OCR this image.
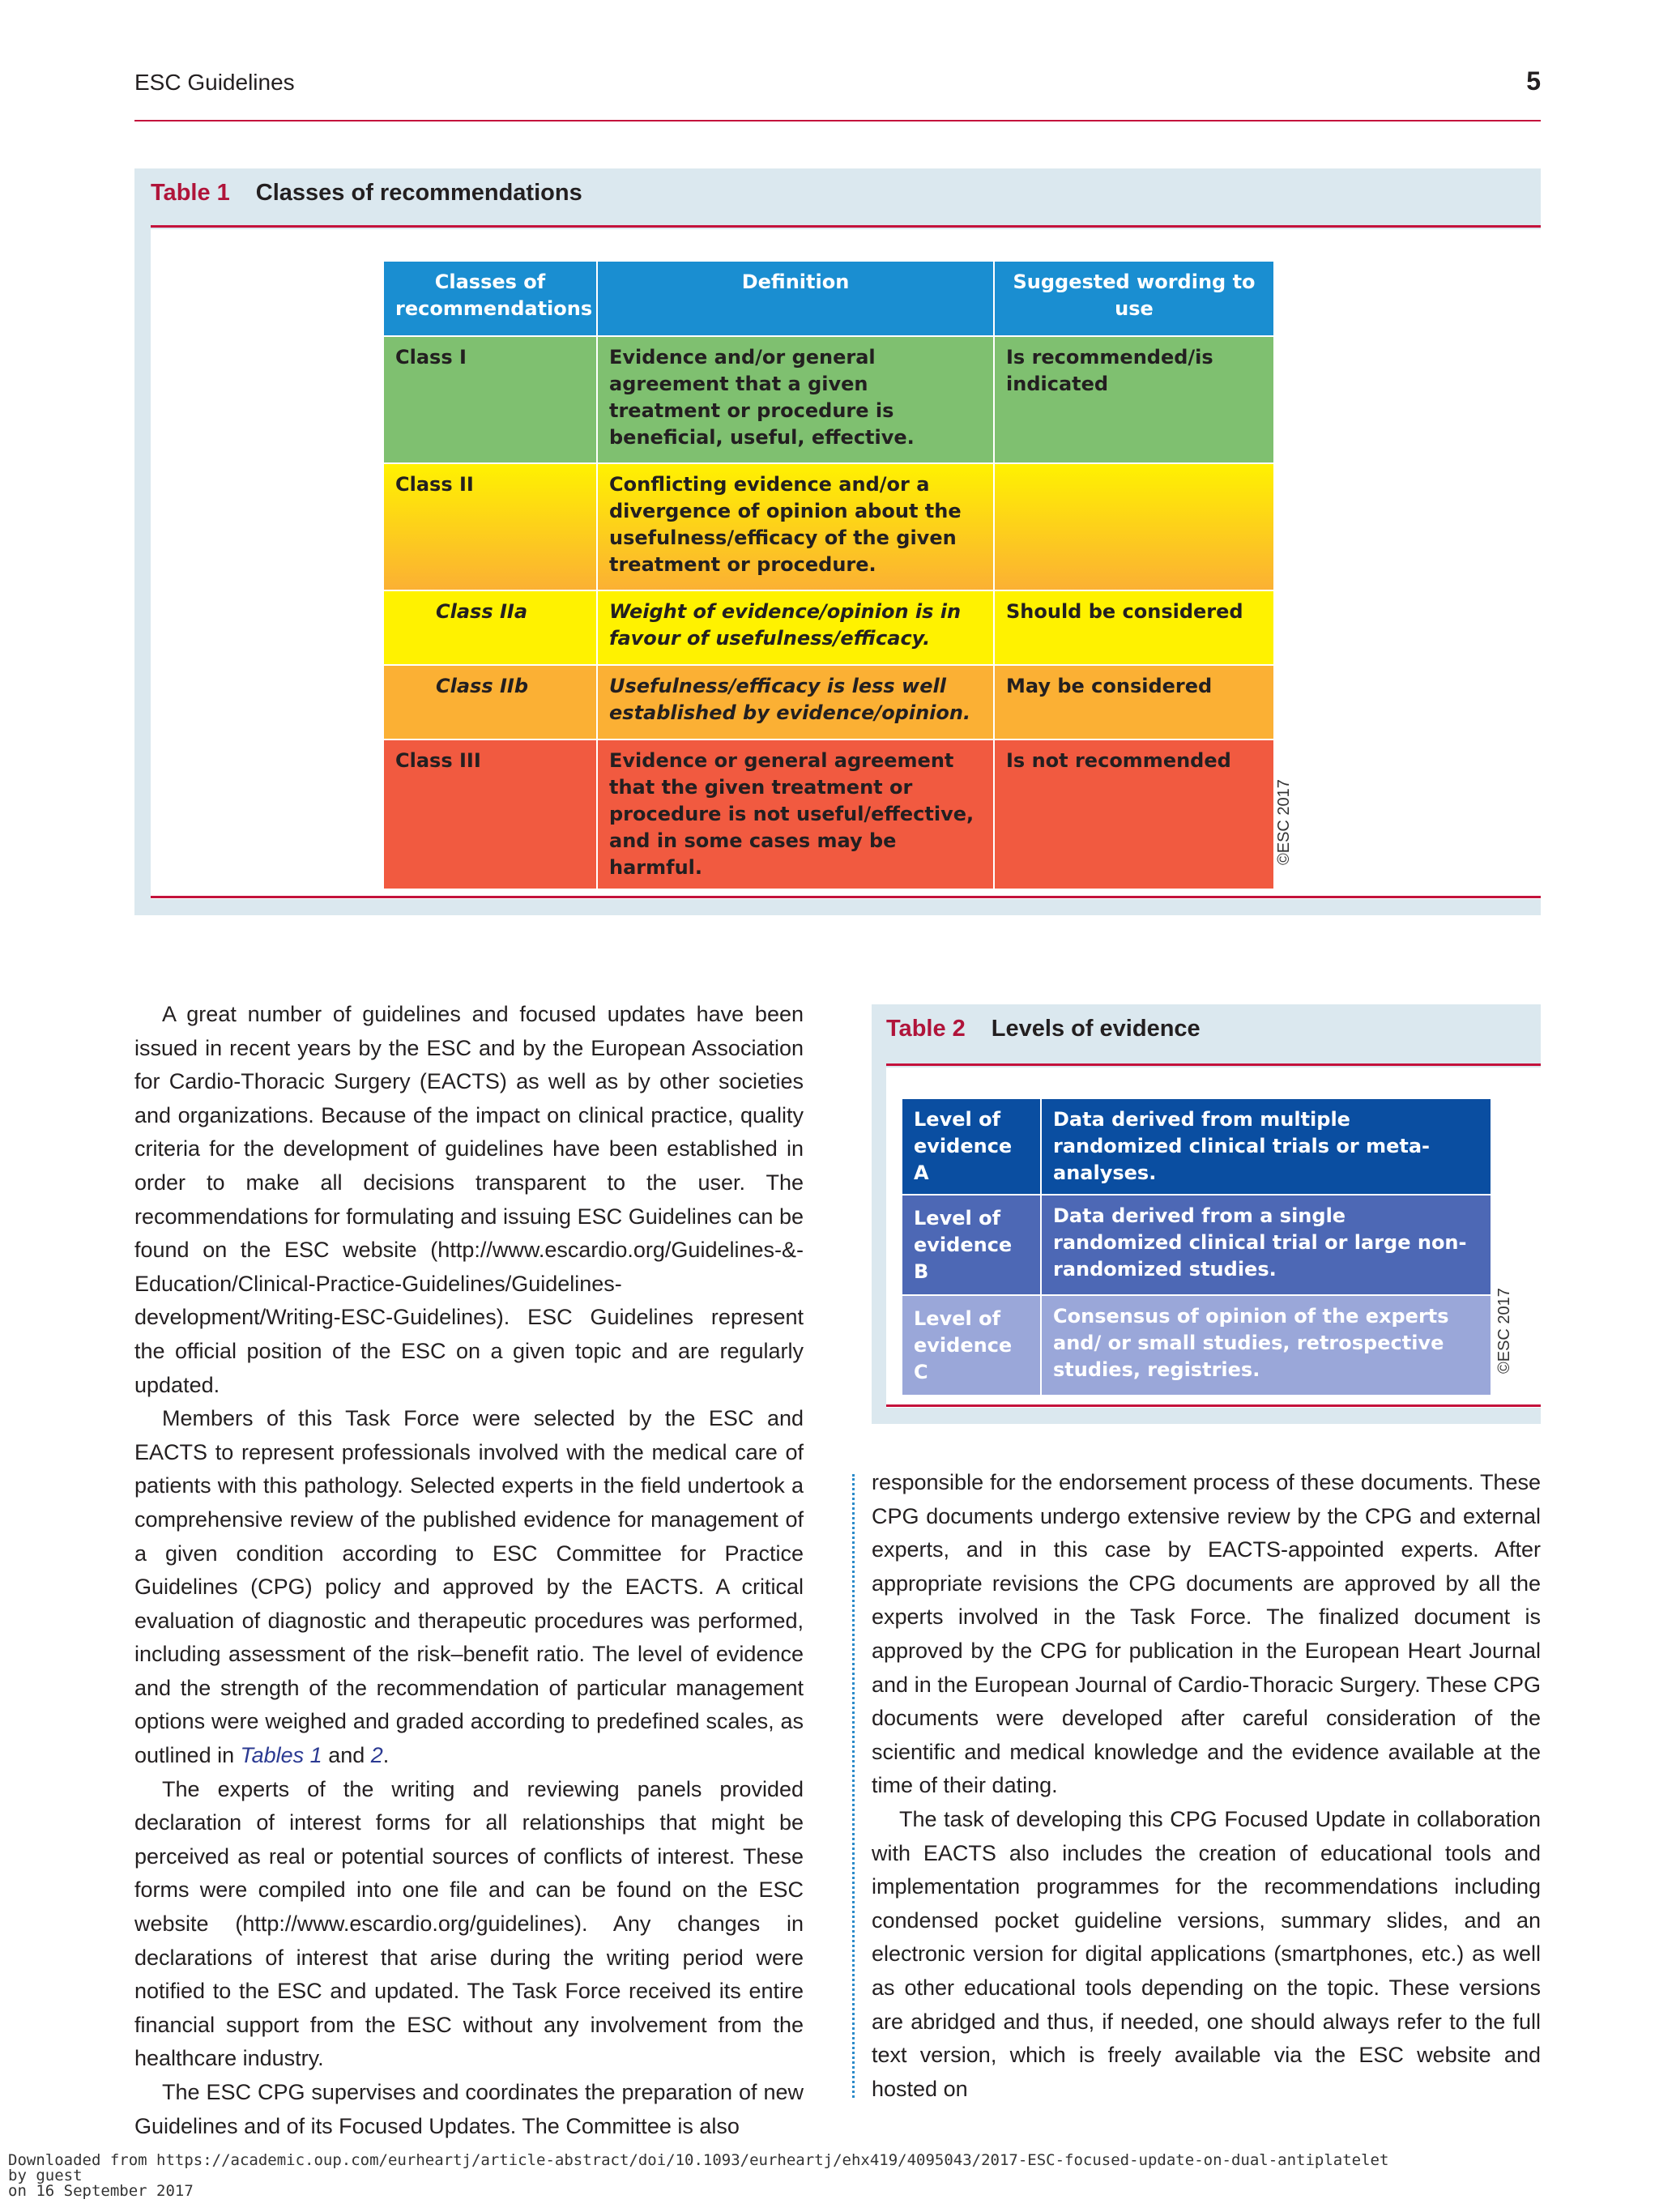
ESC Guidelines	5
Table 1 Classes of recommendations
Classes of recommendations	Definition	Suggested wording to use
Class I	Evidence and/or general agreement that a given treatment or procedure is beneficial, useful, effective.	Is recommended/is indicated
Class II	Conflicting evidence and/or a divergence of opinion about the usefulness/efficacy of the given treatment or procedure.	
Class IIa	Weight of evidence/opinion is in favour of usefulness/efficacy.	Should be considered
Class IIb	Usefulness/efficacy is less well established by evidence/opinion.	May be considered
Class III	Evidence or general agreement that the given treatment or procedure is not useful/effective, and in some cases may be harmful.	Is not recommended
©ESC 2017
Table 2 Levels of evidence
Level of evidence A	Data derived from multiple randomized clinical trials or meta-analyses.
Level of evidence B	Data derived from a single randomized clinical trial or large non-randomized studies.
Level of evidence C	Consensus of opinion of the experts and/ or small studies, retrospective studies, registries.	©ESC 2017

A great number of guidelines and focused updates have been issued in recent years by the ESC and by the European Association for Cardio-Thoracic Surgery (EACTS) as well as by other societies and organizations. Because of the impact on clinical practice, quality criteria for the development of guidelines have been established in order to make all decisions transparent to the user. The recommendations for formulating and issuing ESC Guidelines can be found on the ESC website (http://www.escardio.org/Guidelines-&-Education/Clinical-Practice-Guidelines/Guidelines-development/Writing-ESC-Guidelines). ESC Guidelines represent the official position of the ESC on a given topic and are regularly updated.

Members of this Task Force were selected by the ESC and EACTS to represent professionals involved with the medical care of patients with this pathology. Selected experts in the field undertook a comprehensive review of the published evidence for management of a given condition according to ESC Committee for Practice Guidelines (CPG) policy and approved by the EACTS. A critical evaluation of diagnostic and therapeutic procedures was performed, including assessment of the risk–benefit ratio. The level of evidence and the strength of the recommendation of particular management options were weighed and graded according to predefined scales, as outlined in Tables 1 and 2.

The experts of the writing and reviewing panels provided declaration of interest forms for all relationships that might be perceived as real or potential sources of conflicts of interest. These forms were compiled into one file and can be found on the ESC website (http://www.escardio.org/guidelines). Any changes in declarations of interest that arise during the writing period were notified to the ESC and updated. The Task Force received its entire financial support from the ESC without any involvement from the healthcare industry.

The ESC CPG supervises and coordinates the preparation of new Guidelines and of its Focused Updates. The Committee is also

responsible for the endorsement process of these documents. These CPG documents undergo extensive review by the CPG and external experts, and in this case by EACTS-appointed experts. After appropriate revisions the CPG documents are approved by all the experts involved in the Task Force. The finalized document is approved by the CPG for publication in the European Heart Journal and in the European Journal of Cardio-Thoracic Surgery. These CPG documents were developed after careful consideration of the scientific and medical knowledge and the evidence available at the time of their dating.

The task of developing this CPG Focused Update in collaboration with EACTS also includes the creation of educational tools and implementation programmes for the recommendations including condensed pocket guideline versions, summary slides, and an electronic version for digital applications (smartphones, etc.) as well as other educational tools depending on the topic. These versions are abridged and thus, if needed, one should always refer to the full text version, which is freely available via the ESC website and hosted on

Downloaded from https://academic.oup.com/eurheartj/article-abstract/doi/10.1093/eurheartj/ehx419/4095043/2017-ESC-focused-update-on-dual-antiplatelet
by guest
on 16 September 2017
